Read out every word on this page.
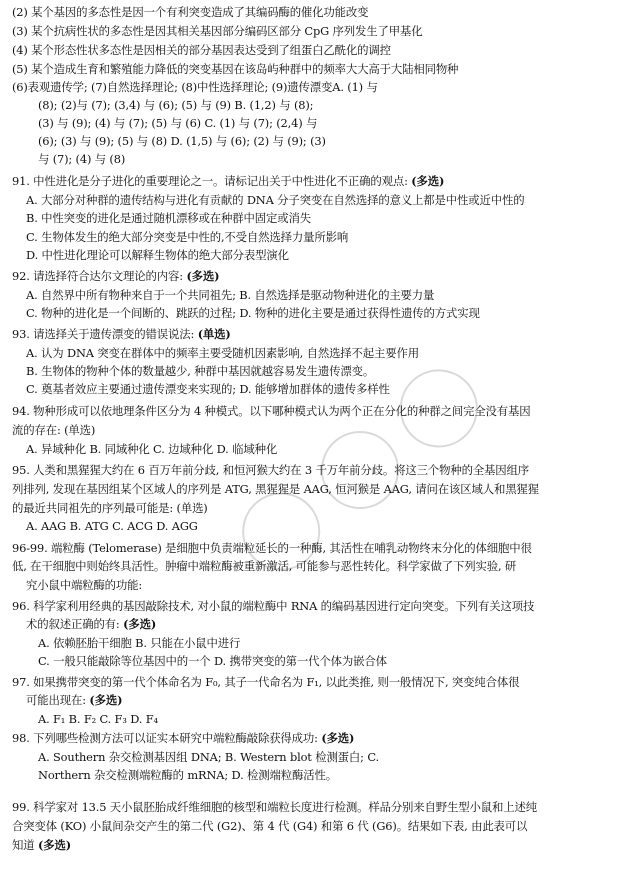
(2) 某个基因的多态性是因一个有利突变造成了其编码酶的催化功能改变
(3) 某个抗病性状的多态性是因其相关基因部分编码区部分 CpG 序列发生了甲基化
(4) 某个形态性状多态性是因相关的部分基因表达受到了组蛋白乙酰化的调控
(5) 某个造成生育和繁殖能力降低的突变基因在该岛屿种群中的频率大大高于大陆相同物种
(6)表观遗传学; (7)自然选择理论; (8)中性选择理论; (9)遗传漂变A. (1) 与
(8); (2)与 (7); (3,4) 与 (6); (5) 与 (9) B. (1,2) 与 (8);
(3) 与 (9); (4) 与 (7); (5) 与 (6) C. (1) 与 (7); (2,4) 与
(6); (3) 与 (9); (5) 与 (8) D. (1,5) 与 (6); (2) 与 (9); (3)
与 (7); (4) 与 (8)
91. 中性进化是分子进化的重要理论之一。请标记出关于中性进化不正确的观点: (多选)
A. 大部分对种群的遗传结构与进化有贡献的 DNA 分子突变在自然选择的意义上都是中性或近中性的
B. 中性突变的进化是通过随机漂移或在种群中固定或消失
C. 生物体发生的绝大部分突变是中性的,不受自然选择力量所影响
D. 中性进化理论可以解释生物体的绝大部分表型演化
92. 请选择符合达尔文理论的内容: (多选)
A. 自然界中所有物种来自于一个共同祖先; B. 自然选择是驱动物种进化的主要力量
C. 物种的进化是一个间断的、跳跃的过程; D. 物种的进化主要是通过获得性遗传的方式实现
93. 请选择关于遗传漂变的错误说法: (单选)
A. 认为 DNA 突变在群体中的频率主要受随机因素影响, 自然选择不起主要作用
B. 生物体的物种个体的数量越少, 种群中基因就越容易发生遗传漂变。
C. 奠基者效应主要通过遗传漂变来实现的; D. 能够增加群体的遗传多样性
94. 物种形成可以依地理条件区分为 4 种模式。以下哪种模式认为两个正在分化的种群之间完全没有基因
流的存在: (单选)
A. 异域种化 B. 同域种化 C. 边域种化 D. 临域种化
95. 人类和黑猩猩大约在 6 百万年前分歧, 和恒河猴大约在 3 千万年前分歧。将这三个物种的全基因组序
列排列, 发现在基因组某个区域人的序列是 ATG, 黑猩猩是 AAG, 恒河猴是 AAG, 请问在该区域人和黑猩猩
的最近共同祖先的序列最可能是: (单选)
A. AAG B. ATG C. ACG D. AGG
96-99. 端粒酶 (Telomerase) 是细胞中负责端粒延长的一种酶, 其活性在哺乳动物终末分化的体细胞中很
低, 在干细胞中则始终具活性。肿瘤中端粒酶被重新激活, 可能参与恶性转化。科学家做了下列实验, 研
究小鼠中端粒酶的功能:
96. 科学家利用经典的基因敲除技术, 对小鼠的端粒酶中 RNA 的编码基因进行定向突变。下列有关这项技
术的叙述正确的有: (多选)
A. 依赖胚胎干细胞 B. 只能在小鼠中进行
C. 一般只能敲除等位基因中的一个 D. 携带突变的第一代个体为嵌合体
97. 如果携带突变的第一代个体命名为 F₀, 其子一代命名为 F₁, 以此类推, 则一般情况下, 突变纯合体很
可能出现在: (多选)
A. F₁ B. F₂ C. F₃ D. F₄
98. 下列哪些检测方法可以证实本研究中端粒酶敲除获得成功: (多选)
A. Southern 杂交检测基因组 DNA; B. Western blot 检测蛋白; C.
Northern 杂交检测端粒酶的 mRNA; D. 检测端粒酶活性。
99. 科学家对 13.5 天小鼠胚胎成纤维细胞的核型和端粒长度进行检测。样品分别来自野生型小鼠和上述纯
合突变体 (KO) 小鼠间杂交产生的第二代 (G2)、第 4 代 (G4) 和第 6 代 (G6)。结果如下表, 由此表可以
知道 (多选)
